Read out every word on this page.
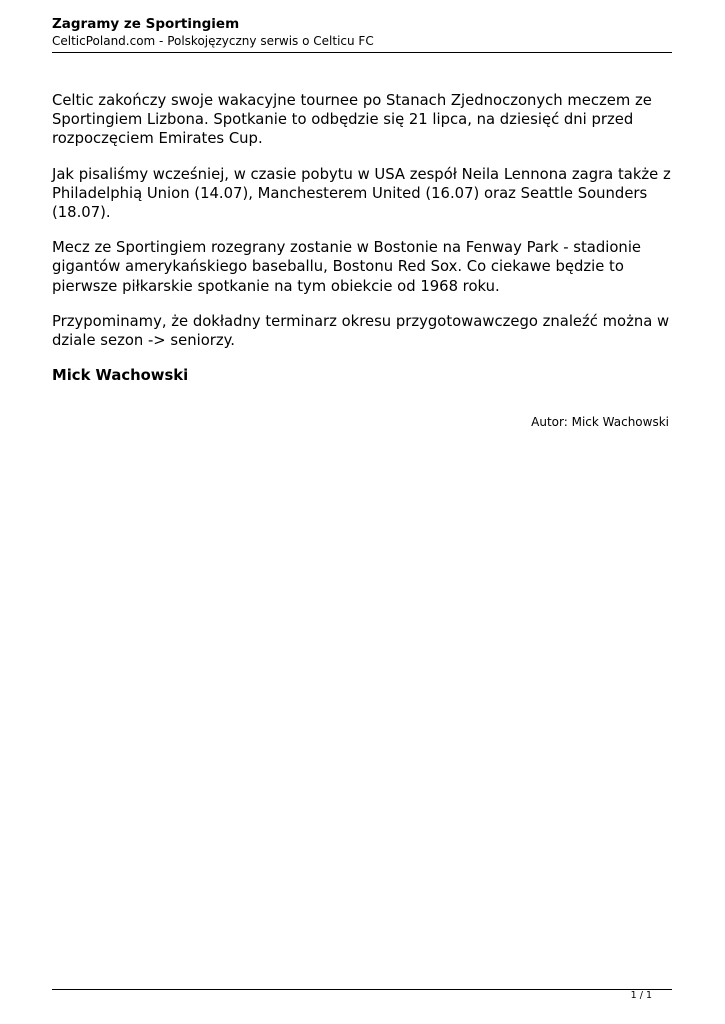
Zagramy ze Sportingiem

CelticPoland.com - Polskojęzyczny serwis o Celticu FC

Celtic zakończy swoje wakacyjne tournee po Stanach Zjednoczonych meczem ze Sportingiem Lizbona. Spotkanie to odbędzie się 21 lipca, na dziesięć dni przed rozpoczęciem Emirates Cup.

Jak pisaliśmy wcześniej, w czasie pobytu w USA zespół Neila Lennona zagra także z Philadelphią Union (14.07), Manchesterem United (16.07) oraz Seattle Sounders (18.07).

Mecz ze Sportingiem rozegrany zostanie w Bostonie na Fenway Park - stadionie gigantów amerykańskiego baseballu, Bostonu Red Sox. Co ciekawe będzie to pierwsze piłkarskie spotkanie na tym obiekcie od 1968 roku.

Przypominamy, że dokładny terminarz okresu przygotowawczego znaleźć można w dziale sezon -> seniorzy.

Mick Wachowski

Autor: Mick Wachowski
1 / 1
